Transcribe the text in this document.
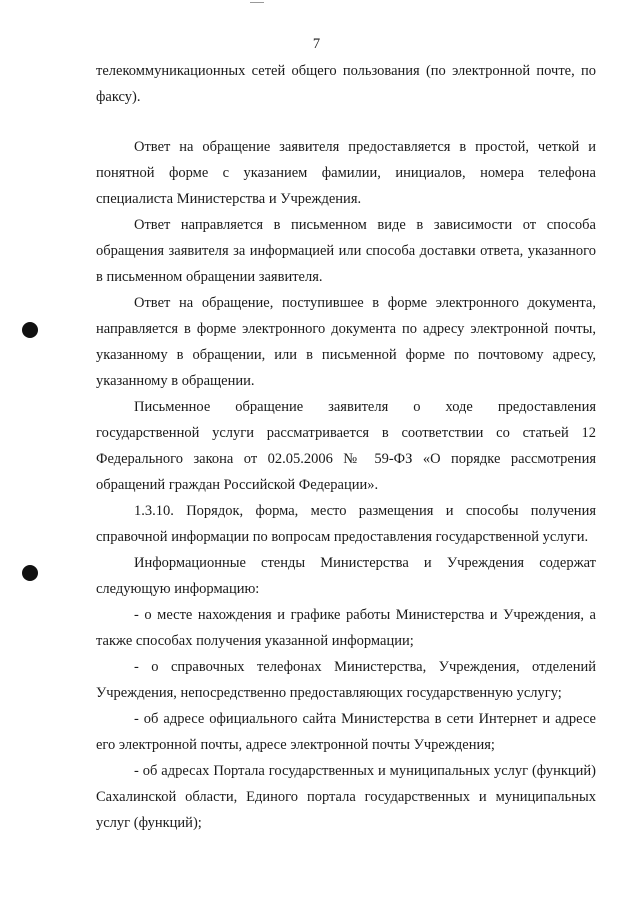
7

телекоммуникационных сетей общего пользования (по электронной почте, по факсу).

Ответ на обращение заявителя предоставляется в простой, четкой и понятной форме с указанием фамилии, инициалов, номера телефона специалиста Министерства и Учреждения.

Ответ направляется в письменном виде в зависимости от способа обращения заявителя за информацией или способа доставки ответа, указанного в письменном обращении заявителя.

Ответ на обращение, поступившее в форме электронного документа, направляется в форме электронного документа по адресу электронной почты, указанному в обращении, или в письменной форме по почтовому адресу, указанному в обращении.

Письменное обращение заявителя о ходе предоставления государственной услуги рассматривается в соответствии со статьей 12 Федерального закона от 02.05.2006 № 59-ФЗ «О порядке рассмотрения обращений граждан Российской Федерации».

1.3.10. Порядок, форма, место размещения и способы получения справочной информации по вопросам предоставления государственной услуги.

Информационные стенды Министерства и Учреждения содержат следующую информацию:

- о месте нахождения и графике работы Министерства и Учреждения, а также способах получения указанной информации;

- о справочных телефонах Министерства, Учреждения, отделений Учреждения, непосредственно предоставляющих государственную услугу;

- об адресе официального сайта Министерства в сети Интернет и адресе его электронной почты, адресе электронной почты Учреждения;

- об адресах Портала государственных и муниципальных услуг (функций) Сахалинской области, Единого портала государственных и муниципальных услуг (функций);
